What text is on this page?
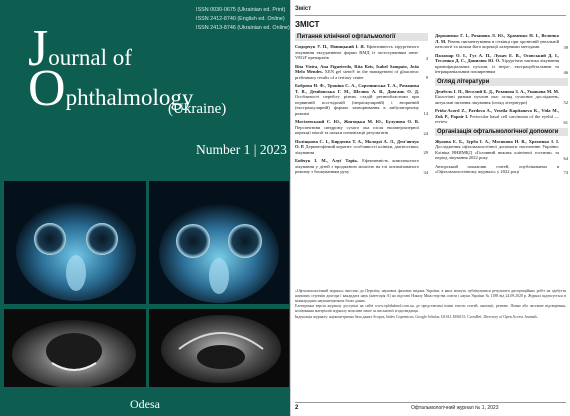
ISSN 0030-0675 (Ukrainian ed. Print)
ISSN 2412-8740 (English ed. Online)
ISSN 2413-8746 (Ukrainian ed. Online)
Journal of
Ophthalmology
(Ukraine)
Number 1 | 2023
Odesa
Зміст
ЗМІСТ
Питання клінічної офтальмології
Сидорчук У. П., Новицький І. Я. Ефективність хірургічного лікування ексудативної форми ВМД із застосуванням анти-VEGF препаратів	3
Rita Vieira, Ana Figueiredo, Rita Reis, Isabel Sampaio, João Melo Mendes. XEN gel stent® in the management of glaucoma: preliminary results of a tertiary center	9
Боброва Н. Ф., Троніна С. А., Сорочинська Т. А., Романова Т. В., Демйонська Г. М., Шелюк А. В., Довгань О. Д. Особливості перебігу різних стадій ретинобластоми при первинній пол-відомій (інтраокулярній) і вторинній (екстраокулярній) формах захворювання в амбулаторному режимі	14
Могілевський С. Ю., Жигоцька М. Ю., Булунова О. В. Перспективи синдрому сухого ока після ексимерлазерної корекції міопії та шляхи оптимізації результатів	24
Поліщкова С. І., Кирдеєва Т. А., Молодої А. Л., Дем'янчук О. Р. Дерматофітний кератит: особливості клініки, діагностики, лікування	29
Бойчук І. М., Алуї Тарік. Ефективність комплексного лікування у дітей з вродженою міопією на тлі оптимізованого режиму з блокуванням руху	34
Дорошенко Г. І., Розанова Л. Ю., Храменко Н. І., Величко Л. М. Рівень пигментування в сітківці при хронічній увеальній патології та шляхи його корекції лазерними методами	39
Паламар О. І., Гуз А. П., Лукач Е. В., Осовський Д. І., Тесленко Д. С., Данилюк Ю. О. Хірургічна тактика лікування краніофаціальних пухлин, із інтра-, екстраорбітальним та інтракраніальним поширенням	46
Огляд літератури
Дембель І. П., Веселий Б. Д., Розанова З. А., Ушакова М. М. Біологічні ризики пухлин ока: огляд сучасних досліджень, актуальні питання лікування (огляд літератури)	52
Prida-Acord Z., Pardova A., Veseila Kapitanova K., Vida M., Zuk P., Papoir I. Periocular basal cell carcinoma of the eyelid — review	61
Організація офтальмологічної допомоги
Жукова Е. Б., Зурба І. А., Мосякова Н. В., Храменко І. І. Дослідження офтальмологічної допомоги населенню України: Клініка ВНИМКД «Головний виклик клінічної гостини» за період лікування 2022 року	64
Авторський покажчик статей, опублікованих в «Офтальмологічному журналі» у 2022 році	74

«Офтальмологічний журнал» внесено до Переліку наукових фахових видань України, в яких можуть публікуватися результати дисертаційних робіт на здобуття наукових ступенів доктора і кандидата наук (категорія А) на підставі Наказу Міністерства освіти і науки України № 1188 від 24.09.2020 р. Журнал індексується в міжнародних наукометричних базах даних.

Електронна версія журналу доступна на сайті www.ophthalmol.com.ua, де представлені повні тексти статей, анотації, резюме. Повне або часткове відтворення, копіювання матеріалів журналу можливе лише за письмової згоди видавця.

Індексація журналу: наукометрична база даних Scopus, Index Copernicus, Google Scholar, DOAJ, EBSCO, CrossRef, Directory of Open Access Journals.

2	Офтальмологічний журнал № 1, 2023
